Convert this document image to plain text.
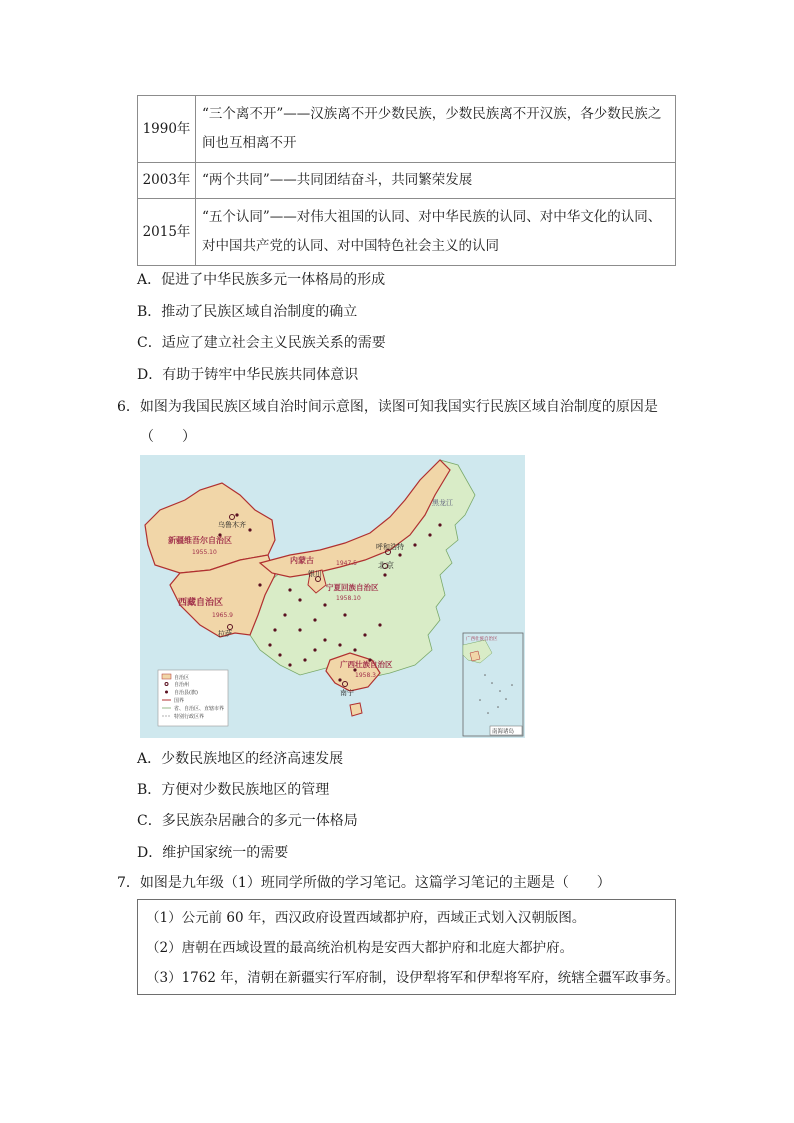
1990年	“三个离不开”——汉族离不开少数民族，少数民族离不开汉族，各少数民族之间也互相离不开
2003年	“两个共同”——共同团结奋斗，共同繁荣发展
2015年	“五个认同”——对伟大祖国的认同、对中华民族的认同、对中华文化的认同、对中国共产党的认同、对中国特色社会主义的认同
A．促进了中华民族多元一体格局的形成
B．推动了民族区域自治制度的确立
C．适应了建立社会主义民族关系的需要
D．有助于铸牢中华民族共同体意识
6．如图为我国民族区域自治时间示意图，读图可知我国实行民族区域自治制度的原因是
（　　）
新疆维吾尔自治区
1955.10
西藏自治区
1965.9
内蒙古	1947.5
宁夏回族自治区
1958.10
广西壮族自治区
1958.3
黑龙江
乌鲁木齐
呼和浩特
银川
北京
拉萨
南宁
自治区
自治州
自治县(旗)
国界
省、自治区、直辖市界
特别行政区界
广西壮族自治区
南海诸岛
A．少数民族地区的经济高速发展
B．方便对少数民族地区的管理
C．多民族杂居融合的多元一体格局
D．维护国家统一的需要
7．如图是九年级（1）班同学所做的学习笔记。这篇学习笔记的主题是（　　）
（1）公元前 60 年，西汉政府设置西域都护府，西域正式划入汉朝版图。
（2）唐朝在西域设置的最高统治机构是安西大都护府和北庭大都护府。
（3）1762 年，清朝在新疆实行军府制，设伊犁将军和伊犁将军府，统辖全疆军政事务。
